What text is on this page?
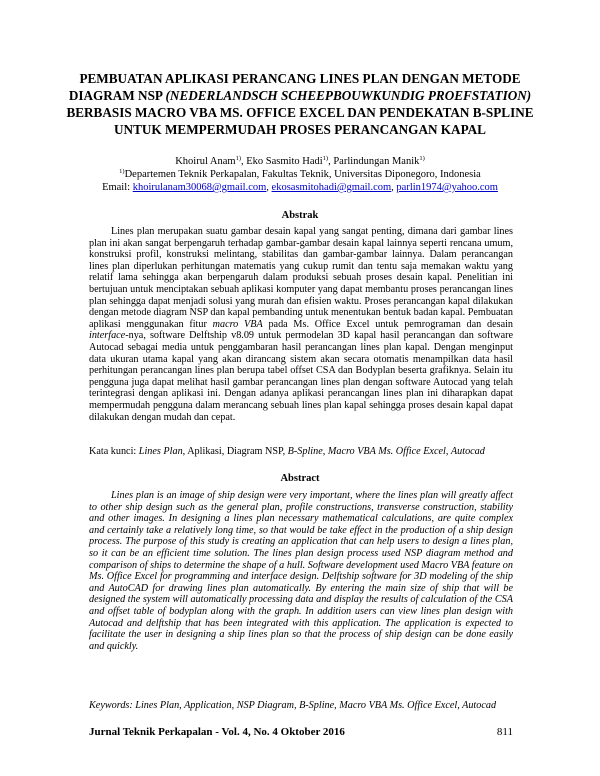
PEMBUATAN APLIKASI PERANCANG LINES PLAN DENGAN METODE DIAGRAM NSP (NEDERLANDSCH SCHEEPBOUWKUNDIG PROEFSTATION) BERBASIS MACRO VBA MS. OFFICE EXCEL DAN PENDEKATAN B-SPLINE UNTUK MEMPERMUDAH PROSES PERANCANGAN KAPAL
Khoirul Anam$^{1)}$, Eko Sasmito Hadi$^{1)}$, Parlindungan Manik$^{1)}$
$^{1)}$Departemen Teknik Perkapalan, Fakultas Teknik, Universitas Diponegoro, Indonesia
Email: khoirulanam30068@gmail.com, ekosasmitohadi@gmail.com, parlin1974@yahoo.com
Abstrak

Lines plan merupakan suatu gambar desain kapal yang sangat penting, dimana dari gambar lines plan ini akan sangat berpengaruh terhadap gambar-gambar desain kapal lainnya seperti rencana umum, konstruksi profil, konstruksi melintang, stabilitas dan gambar-gambar lainnya. Dalam perancangan lines plan diperlukan perhitungan matematis yang cukup rumit dan tentu saja memakan waktu yang relatif lama sehingga akan berpengaruh dalam produksi sebuah proses desain kapal. Penelitian ini bertujuan untuk menciptakan sebuah aplikasi komputer yang dapat membantu proses perancangan lines plan sehingga dapat menjadi solusi yang murah dan efisien waktu. Proses perancangan kapal dilakukan dengan metode diagram NSP dan kapal pembanding untuk menentukan bentuk badan kapal. Pembuatan aplikasi menggunakan fitur macro VBA pada Ms. Office Excel untuk pemrograman dan desain interface-nya, software Delftship v8.09 untuk permodelan 3D kapal hasil perancangan dan software Autocad sebagai media untuk penggambaran hasil perancangan lines plan kapal. Dengan menginput data ukuran utama kapal yang akan dirancang sistem akan secara otomatis menampilkan data hasil perhitungan perancangan lines plan berupa tabel offset CSA dan Bodyplan beserta grafiknya. Selain itu pengguna juga dapat melihat hasil gambar perancangan lines plan dengan software Autocad yang telah terintegrasi dengan aplikasi ini. Dengan adanya aplikasi perancangan lines plan ini diharapkan dapat mempermudah pengguna dalam merancang sebuah lines plan kapal sehingga proses desain kapal dapat dilakukan dengan mudah dan cepat.

Kata kunci: Lines Plan, Aplikasi, Diagram NSP, B-Spline, Macro VBA Ms. Office Excel, Autocad

Abstract

Lines plan is an image of ship design were very important, where the lines plan will greatly affect to other ship design such as the general plan, profile constructions, transverse construction, stability and other images. In designing a lines plan necessary mathematical calculations, are quite complex and certainly take a relatively long time, so that would be take effect in the production of a ship design process. The purpose of this study is creating an application that can help users to design a lines plan, so it can be an efficient time solution. The lines plan design process used NSP diagram method and comparison of ships to determine the shape of a hull. Software development used Macro VBA feature on Ms. Office Excel for programming and interface design. Delftship software for 3D modeling of the ship and AutoCAD for drawing lines plan automatically. By entering the main size of ship that will be designed the system will automatically processing data and display the results of calculation of the CSA and offset table of bodyplan along with the graph. In addition users can view lines plan design with Autocad and delftship that has been integrated with this application. The application is expected to facilitate the user in designing a ship lines plan so that the process of ship design can be done easily and quickly.

Keywords: Lines Plan, Application, NSP Diagram, B-Spline, Macro VBA Ms. Office Excel, Autocad

Jurnal Teknik Perkapalan - Vol. 4, No. 4 Oktober 2016	811
